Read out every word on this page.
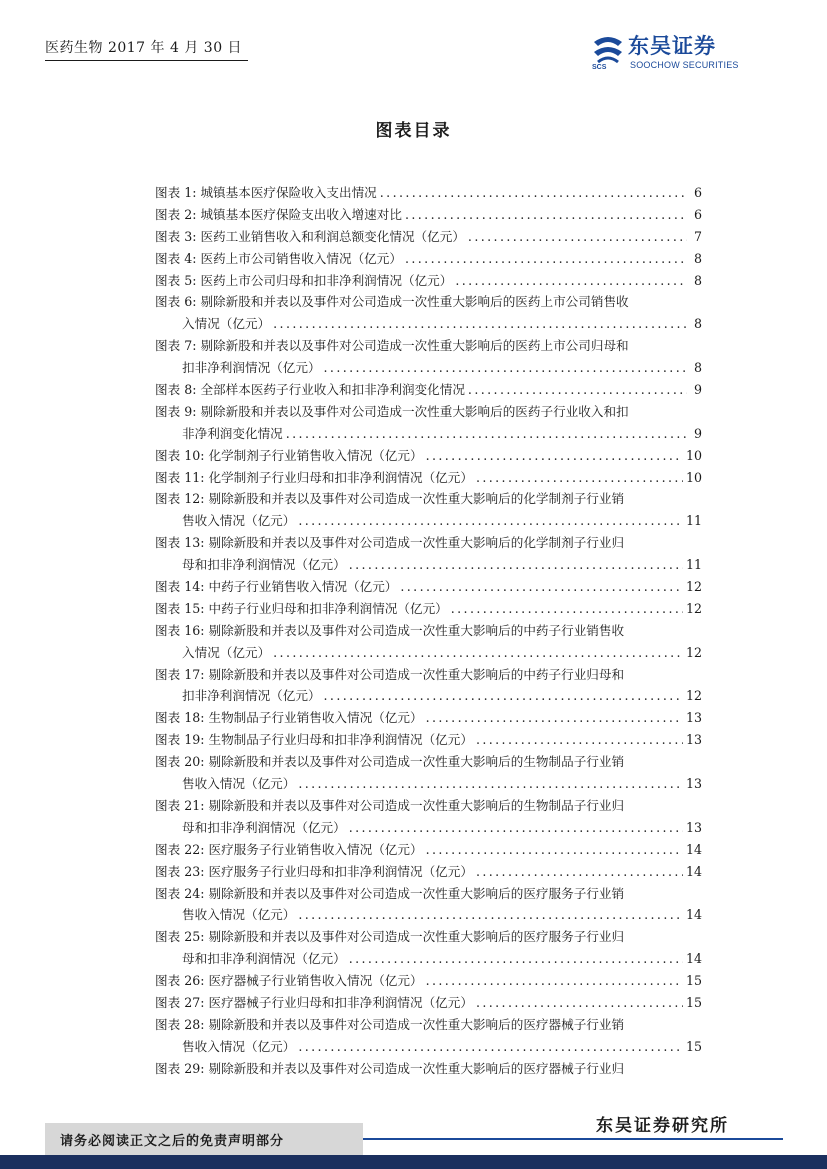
医药生物 2017 年 4 月 30 日
SCS
东吴证券
SOOCHOW SECURITIES
图表目录
图表 1: 城镇基本医疗保险收入支出情况 .....	6
图表 2: 城镇基本医疗保险支出收入增速对比 .....	6
图表 3: 医药工业销售收入和利润总额变化情况（亿元） .....	7
图表 4: 医药上市公司销售收入情况（亿元） .....	8
图表 5: 医药上市公司归母和扣非净利润情况（亿元） .....	8
图表 6: 剔除新股和并表以及事件对公司造成一次性重大影响后的医药上市公司销售收
入情况（亿元） .....	8
图表 7: 剔除新股和并表以及事件对公司造成一次性重大影响后的医药上市公司归母和
扣非净利润情况（亿元） .....	8
图表 8: 全部样本医药子行业收入和扣非净利润变化情况 .....	9
图表 9: 剔除新股和并表以及事件对公司造成一次性重大影响后的医药子行业收入和扣
非净利润变化情况 .....	9
图表 10: 化学制剂子行业销售收入情况（亿元） .....	10
图表 11: 化学制剂子行业归母和扣非净利润情况（亿元） .....	10
图表 12: 剔除新股和并表以及事件对公司造成一次性重大影响后的化学制剂子行业销
售收入情况（亿元） .....	11
图表 13: 剔除新股和并表以及事件对公司造成一次性重大影响后的化学制剂子行业归
母和扣非净利润情况（亿元） .....	11
图表 14: 中药子行业销售收入情况（亿元） .....	12
图表 15: 中药子行业归母和扣非净利润情况（亿元） .....	12
图表 16: 剔除新股和并表以及事件对公司造成一次性重大影响后的中药子行业销售收
入情况（亿元） .....	12
图表 17: 剔除新股和并表以及事件对公司造成一次性重大影响后的中药子行业归母和
扣非净利润情况（亿元） .....	12
图表 18: 生物制品子行业销售收入情况（亿元） .....	13
图表 19: 生物制品子行业归母和扣非净利润情况（亿元） .....	13
图表 20: 剔除新股和并表以及事件对公司造成一次性重大影响后的生物制品子行业销
售收入情况（亿元） .....	13
图表 21: 剔除新股和并表以及事件对公司造成一次性重大影响后的生物制品子行业归
母和扣非净利润情况（亿元） .....	13
图表 22: 医疗服务子行业销售收入情况（亿元） .....	14
图表 23: 医疗服务子行业归母和扣非净利润情况（亿元） .....	14
图表 24: 剔除新股和并表以及事件对公司造成一次性重大影响后的医疗服务子行业销
售收入情况（亿元） .....	14
图表 25: 剔除新股和并表以及事件对公司造成一次性重大影响后的医疗服务子行业归
母和扣非净利润情况（亿元） .....	14
图表 26: 医疗器械子行业销售收入情况（亿元） .....	15
图表 27: 医疗器械子行业归母和扣非净利润情况（亿元） .....	15
图表 28: 剔除新股和并表以及事件对公司造成一次性重大影响后的医疗器械子行业销
售收入情况（亿元） .....	15
图表 29: 剔除新股和并表以及事件对公司造成一次性重大影响后的医疗器械子行业归
请务必阅读正文之后的免责声明部分
东吴证券研究所
